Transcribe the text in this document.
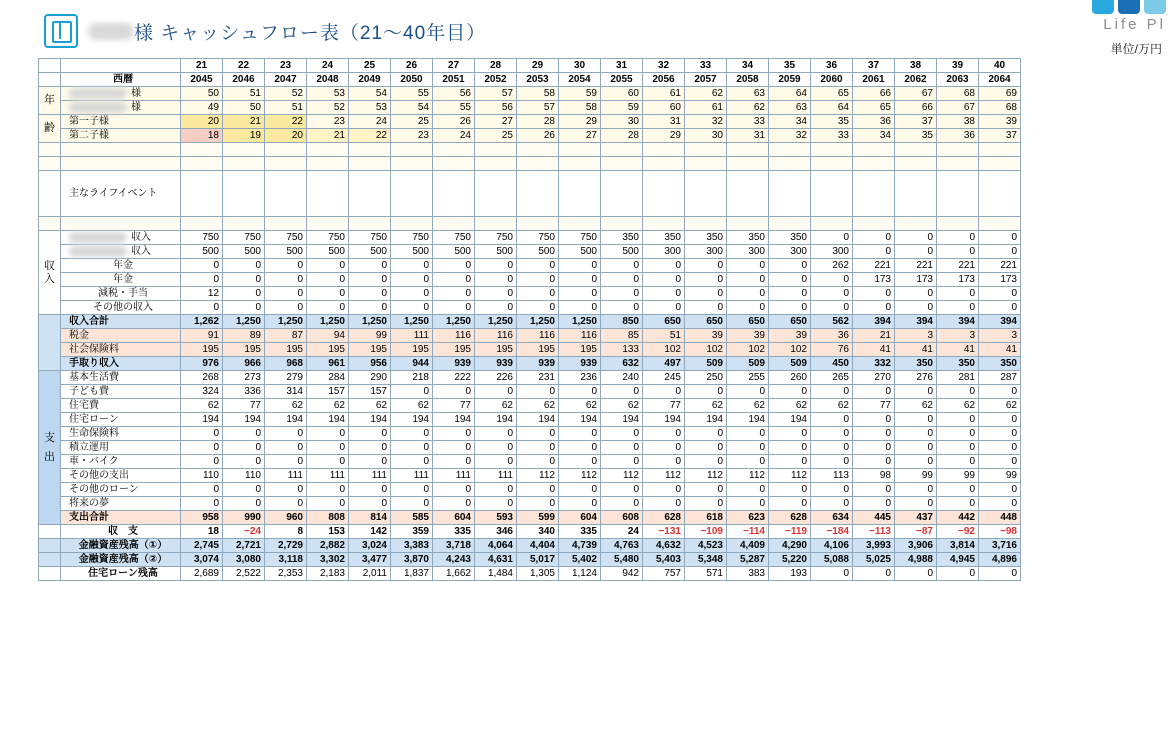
様 キャッシュフロー表（21〜40年目）	Life Pl
単位/万円
		21	22	23	24	25	26	27	28	29	30	31	32	33	34	35	36	37	38	39	40
	西暦	2045	2046	2047	2048	2049	2050	2051	2052	2053	2054	2055	2056	2057	2058	2059	2060	2061	2062	2063	2064
年	様	50	51	52	53	54	55	56	57	58	59	60	61	62	63	64	65	66	67	68	69
	様	49	50	51	52	53	54	55	56	57	58	59	60	61	62	63	64	65	66	67	68
齢	第一子様	20	21	22	23	24	25	26	27	28	29	30	31	32	33	34	35	36	37	38	39
	第二子様	18	19	20	21	22	23	24	25	26	27	28	29	30	31	32	33	34	35	36	37

	主なライフイベント																				

収
入	収入	750	750	750	750	750	750	750	750	750	750	350	350	350	350	350	0	0	0	0	0
	収入	500	500	500	500	500	500	500	500	500	500	500	300	300	300	300	300	0	0	0	0
	年金	0	0	0	0	0	0	0	0	0	0	0	0	0	0	0	262	221	221	221	221
	年金	0	0	0	0	0	0	0	0	0	0	0	0	0	0	0	0	173	173	173	173
	減税・手当	12	0	0	0	0	0	0	0	0	0	0	0	0	0	0	0	0	0	0	0
	その他の収入	0	0	0	0	0	0	0	0	0	0	0	0	0	0	0	0	0	0	0	0
	収入合計	1,262	1,250	1,250	1,250	1,250	1,250	1,250	1,250	1,250	1,250	850	650	650	650	650	562	394	394	394	394
	税金	91	89	87	94	99	111	116	116	116	116	85	51	39	39	39	36	21	3	3	3
	社会保険料	195	195	195	195	195	195	195	195	195	195	133	102	102	102	102	76	41	41	41	41
	手取り収入	976	966	968	961	956	944	939	939	939	939	632	497	509	509	509	450	332	350	350	350

支
出	基本生活費	268	273	279	284	290	218	222	226	231	236	240	245	250	255	260	265	270	276	281	287
	子ども費	324	336	314	157	157	0	0	0	0	0	0	0	0	0	0	0	0	0	0	0
	住宅費	62	77	62	62	62	62	77	62	62	62	62	77	62	62	62	62	77	62	62	62
	住宅ローン	194	194	194	194	194	194	194	194	194	194	194	194	194	194	194	0	0	0	0	0
	生命保険料	0	0	0	0	0	0	0	0	0	0	0	0	0	0	0	0	0	0	0	0
	積立運用	0	0	0	0	0	0	0	0	0	0	0	0	0	0	0	0	0	0	0	0
	車・バイク	0	0	0	0	0	0	0	0	0	0	0	0	0	0	0	0	0	0	0	0
	その他の支出	110	110	111	111	111	111	111	111	112	112	112	112	112	112	112	113	98	99	99	99
	その他のローン	0	0	0	0	0	0	0	0	0	0	0	0	0	0	0	0	0	0	0	0
	将来の夢	0	0	0	0	0	0	0	0	0	0	0	0	0	0	0	0	0	0	0	0
	支出合計	958	990	960	808	814	585	604	593	599	604	608	628	618	623	628	634	445	437	442	448
	収　支	18	−24	8	153	142	359	335	346	340	335	24	−131	−109	−114	−119	−184	−113	−87	−92	−98
	金融資産残高（①）	2,745	2,721	2,729	2,882	3,024	3,383	3,718	4,064	4,404	4,739	4,763	4,632	4,523	4,409	4,290	4,106	3,993	3,906	3,814	3,716
	金融資産残高（②）	3,074	3,080	3,118	3,302	3,477	3,870	4,243	4,631	5,017	5,402	5,480	5,403	5,348	5,287	5,220	5,088	5,025	4,988	4,945	4,896
	住宅ローン残高	2,689	2,522	2,353	2,183	2,011	1,837	1,662	1,484	1,305	1,124	942	757	571	383	193	0	0	0	0	0
